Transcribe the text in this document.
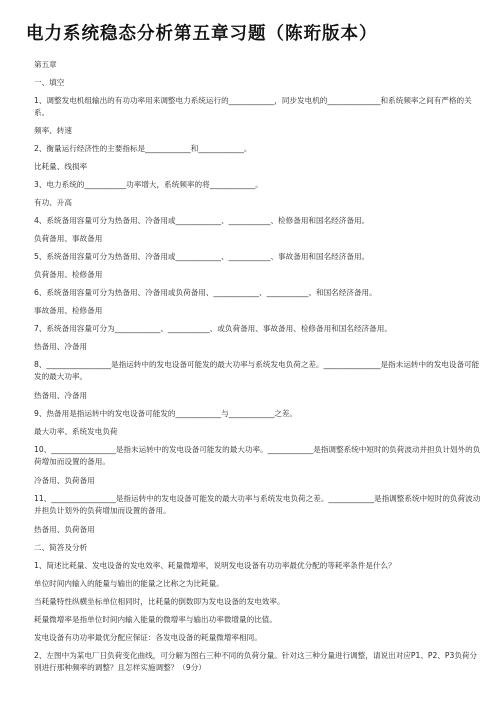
电力系统稳态分析第五章习题（陈珩版本）
第五章
一、填空
1、调整发电机组输出的有功功率用来调整电力系统运行的____________，同步发电机的______________和系统频率之间有严格的关系。
频率、转速
2、衡量运行经济性的主要指标是____________和____________。
比耗量、线损率
3、电力系统的___________功率增大，系统频率的将____________。
有功、升高
4、系统备用容量可分为热备用、冷备用或____________、___________、检修备用和国名经济备用。
负荷备用、事故备用
5、系统备用容量可分为热备用、冷备用或____________、___________、事故备用和国名经济备用。
负荷备用、检修备用
6、系统备用容量可分为热备用、冷备用或负荷备用、____________、___________、和国名经济备用。
事故备用、检修备用
7、系统备用容量可分为____________、___________、或负荷备用、事故备用、检修备用和国名经济备用。
热备用、冷备用
8、_________________是指运转中的发电设备可能发的最大功率与系统发电负荷之差。_______________是指未运转中的发电设备可能发的最大功率。
热备用、冷备用
9、热备用是指运转中的发电设备可能发的____________与____________之差。
最大功率、系统发电负荷
10、_________________是指未运转中的发电设备可能发的最大功率。____________是指调整系统中短时的负荷波动并担负计划外的负荷增加而设置的备用。
冷备用、负荷备用
11、_________________是指运转中的发电设备可能发的最大功率与系统发电负荷之差。____________是指调整系统中短时的负荷波动并担负计划外的负荷增加而设置的备用。
热备用、负荷备用
二、简答及分析
1、简述比耗量、发电设备的发电效率、耗量微增率，说明发电设备有功功率最优分配的等耗率条件是什么？
单位时间内输入的能量与输出的能量之比称之为比耗量。
当耗量特性纵横坐标单位相同时，比耗量的倒数即为发电设备的发电效率。
耗量微增率是指单位时间内输入能量的微增率与输出功率微增量的比值。
发电设备有功功率最优分配应保证：各发电设备的耗量微增率相同。
2、左图中为某电厂日负荷变化曲线，可分解为图右三种不同的负荷分量。针对这三种分量进行调整，请说出对应P1、P2、P3负荷分别进行那种频率的调整？且怎样实施调整？（9分）
